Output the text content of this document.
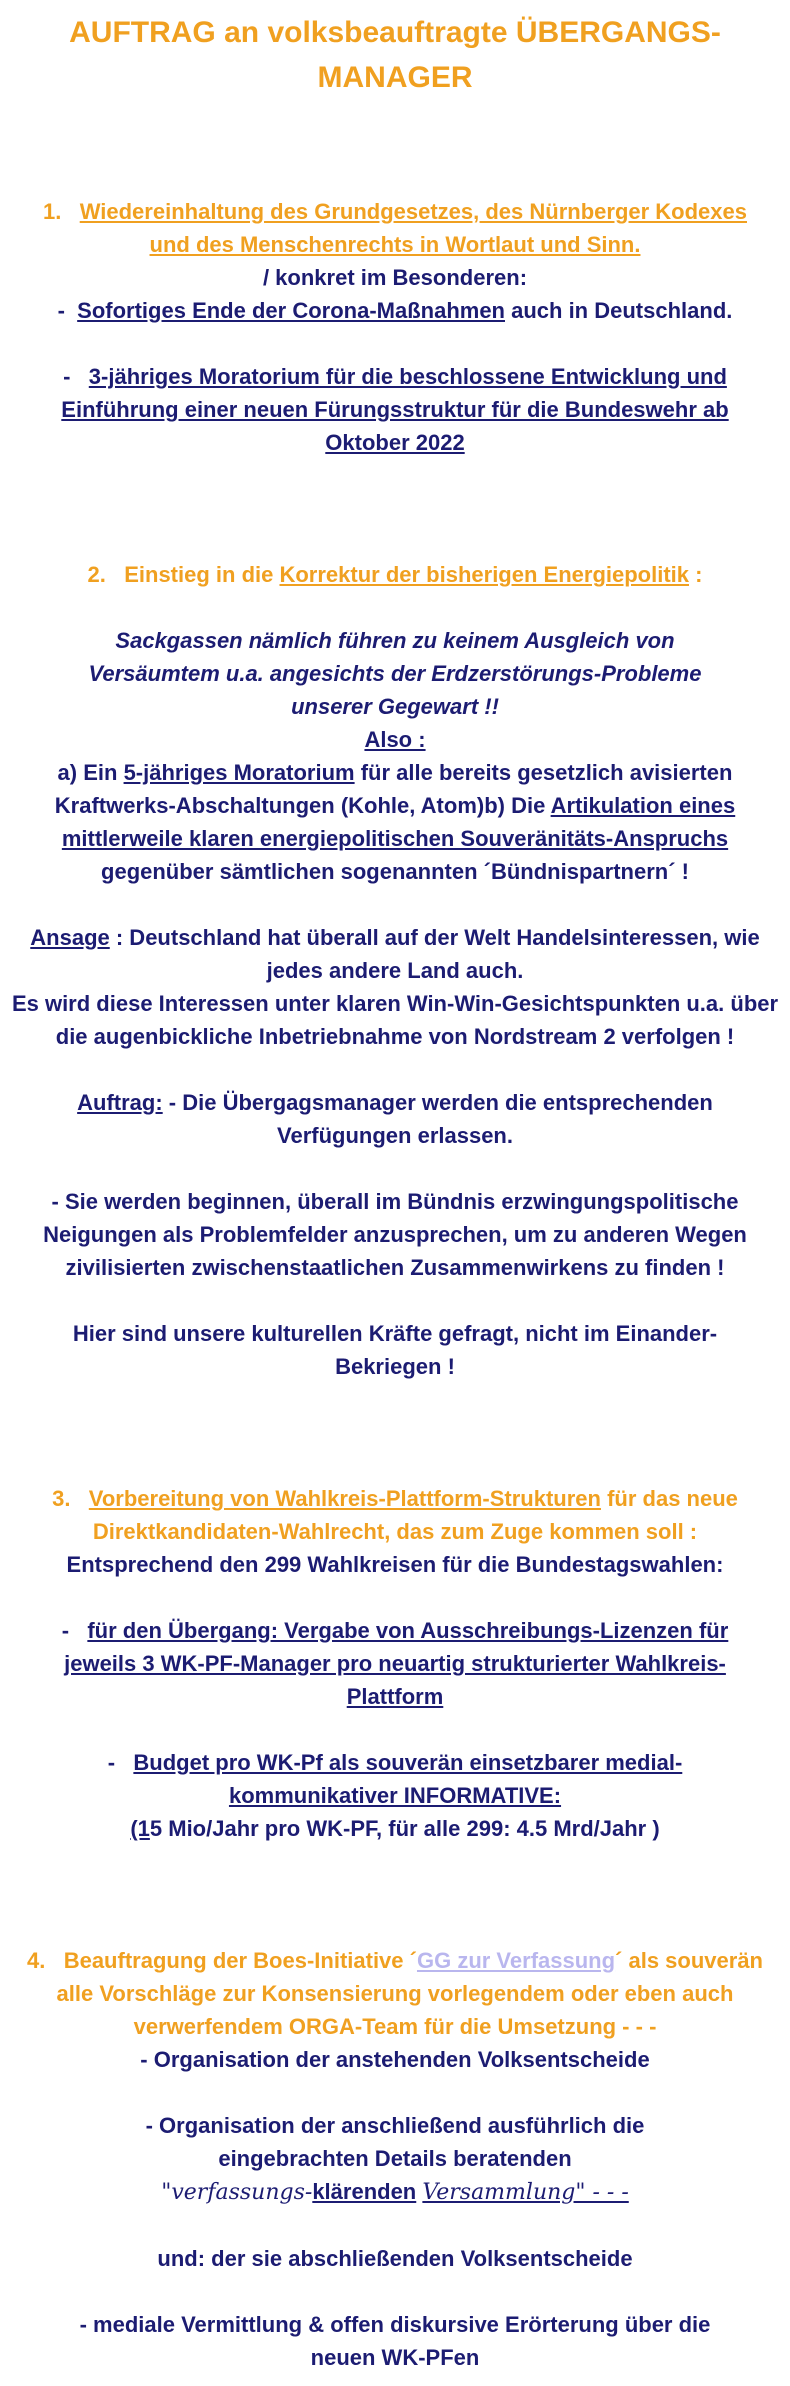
AUFTRAG an volksbeauftragte ÜBERGANGS-MANAGER
1. Wiedereinhaltung des Grundgesetzes, des Nürnberger Kodexes und des Menschenrechts in Wortlaut und Sinn.
/ konkret im Besonderen:
-  Sofortiges Ende der Corona-Maßnahmen auch in Deutschland.
-   3-jähriges Moratorium für die beschlossene Entwicklung und Einführung einer neuen Fürungsstruktur für die Bundeswehr ab Oktober 2022
2. Einstieg in die Korrektur der bisherigen Energiepolitik :
Sackgassen nämlich führen zu keinem Ausgleich von Versäumtem u.a. angesichts der Erdzerstörungs-Probleme unserer Gegewart !!
Also :
a) Ein 5-jähriges Moratorium für alle bereits gesetzlich avisierten Kraftwerks-Abschaltungen (Kohle, Atom)b) Die Artikulation eines mittlerweile klaren energiepolitischen Souveränitäts-Anspruchs gegenüber sämtlichen sogenannten ´Bündnispartnern´ !
Ansage : Deutschland hat überall auf der Welt Handelsinteressen, wie jedes andere Land auch.
Es wird diese Interessen unter klaren Win-Win-Gesichtspunkten u.a. über die augenbickliche Inbetriebnahme von Nordstream 2 verfolgen !
Auftrag: - Die Übergagsmanager werden die entsprechenden Verfügungen erlassen.
- Sie werden beginnen, überall im Bündnis erzwingungspolitische Neigungen als Problemfelder anzusprechen, um zu anderen Wegen zivilisierten zwischenstaatlichen Zusammenwirkens zu finden !
Hier sind unsere kulturellen Kräfte gefragt, nicht im Einander-Bekriegen !
3. Vorbereitung von Wahlkreis-Plattform-Strukturen für das neue Direktkandidaten-Wahlrecht, das zum Zuge kommen soll :
Entsprechend den 299 Wahlkreisen für die Bundestagswahlen:
-   für den Übergang: Vergabe von Ausschreibungs-Lizenzen für jeweils 3 WK-PF-Manager pro neuartig strukturierter Wahlkreis-Plattform
-   Budget pro WK-Pf als souverän einsetzbarer medial-kommunikativer INFORMATIVE:
(15 Mio/Jahr pro WK-PF, für alle 299: 4.5 Mrd/Jahr )
4. Beauftragung der Boes-Initiative ´GG zur Verfassung´ als souverän alle Vorschläge zur Konsensierung vorlegendem oder eben auch verwerfendem ORGA-Team für die Umsetzung - - -
- Organisation der anstehenden Volksentscheide
- Organisation der anschließend ausführlich die eingebrachten Details beratenden
"verfassungs-klärenden Versammlung" - - -
und: der sie abschließenden Volksentscheide
- mediale Vermittlung & offen diskursive Erörterung über die neuen WK-PFen
